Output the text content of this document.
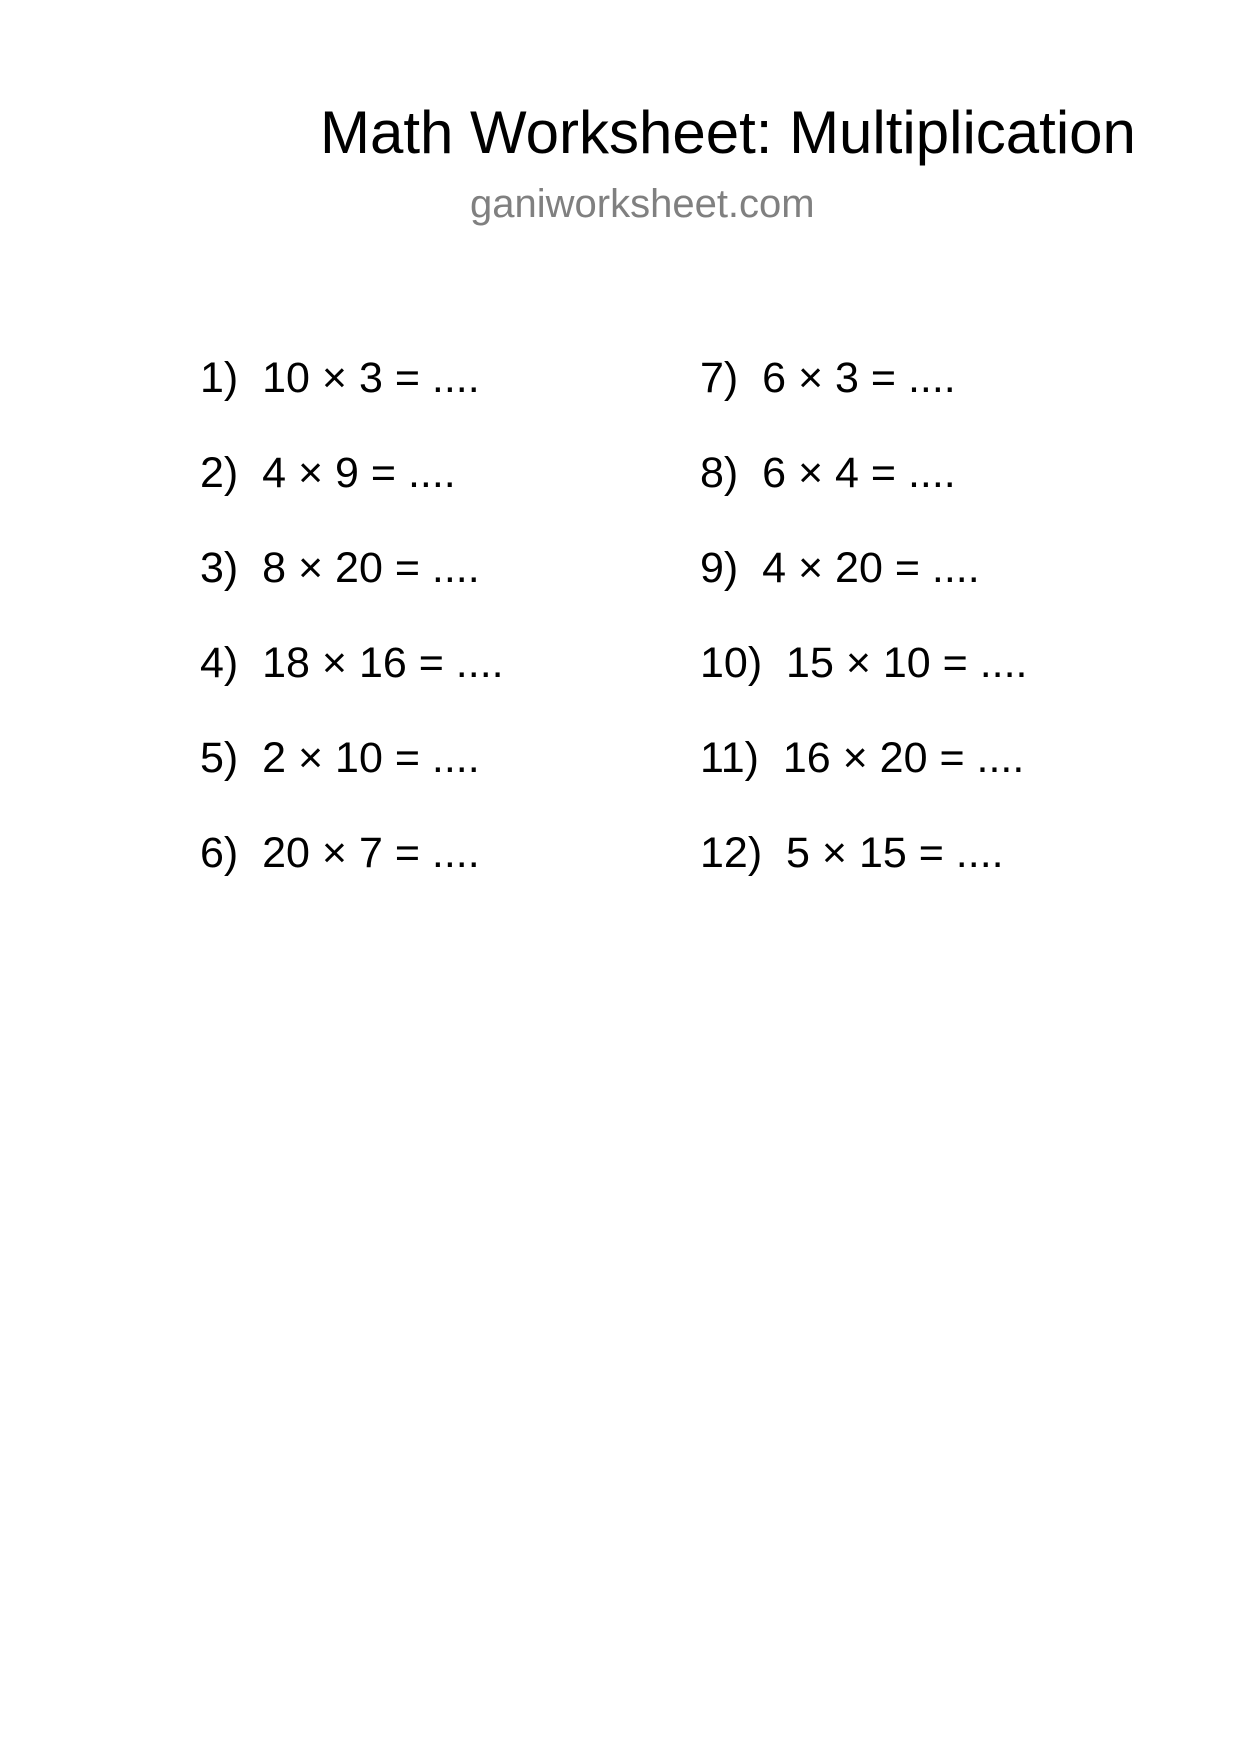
Math Worksheet: Multiplication
ganiworksheet.com
1)  10 × 3 = ....
2)  4 × 9 = ....
3)  8 × 20 = ....
4)  18 × 16 = ....
5)  2 × 10 = ....
6)  20 × 7 = ....
7)  6 × 3 = ....
8)  6 × 4 = ....
9)  4 × 20 = ....
10)  15 × 10 = ....
11)  16 × 20 = ....
12)  5 × 15 = ....
